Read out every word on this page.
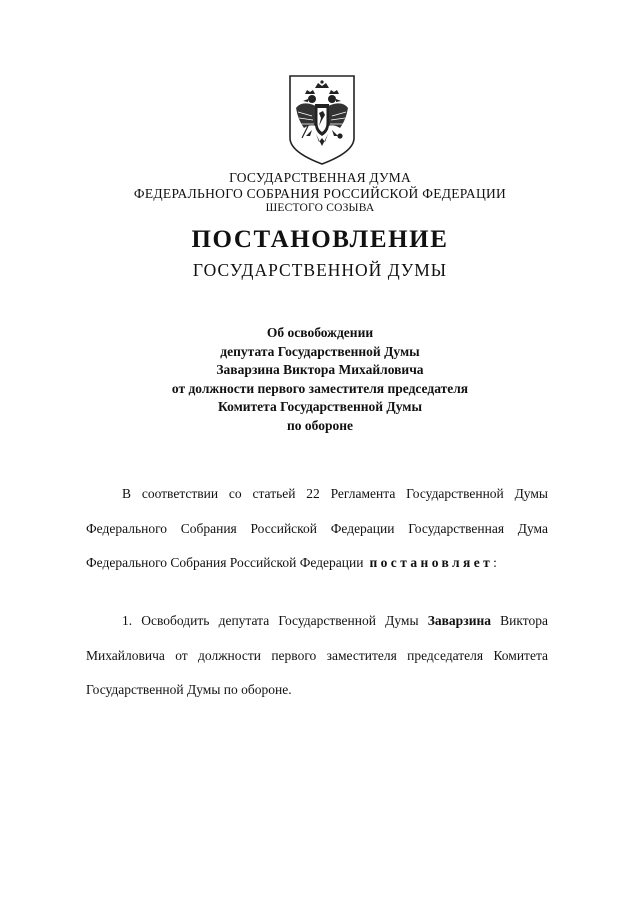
ГОСУДАРСТВЕННАЯ ДУМА
ФЕДЕРАЛЬНОГО СОБРАНИЯ РОССИЙСКОЙ ФЕДЕРАЦИИ
ШЕСТОГО СОЗЫВА
ПОСТАНОВЛЕНИЕ
ГОСУДАРСТВЕННОЙ ДУМЫ
Об освобождении
депутата Государственной Думы
Заварзина Виктора Михайловича
от должности первого заместителя председателя
Комитета Государственной Думы
по обороне
В соответствии со статьей 22 Регламента Государственной Думы
Федерального Собрания Российской Федерации Государственная Дума
Федерального Собрания Российской Федерации постановляет:
1. Освободить депутата Государственной Думы Заварзина Виктора
Михайловича от должности первого заместителя председателя Комитета
Государственной Думы по обороне.
